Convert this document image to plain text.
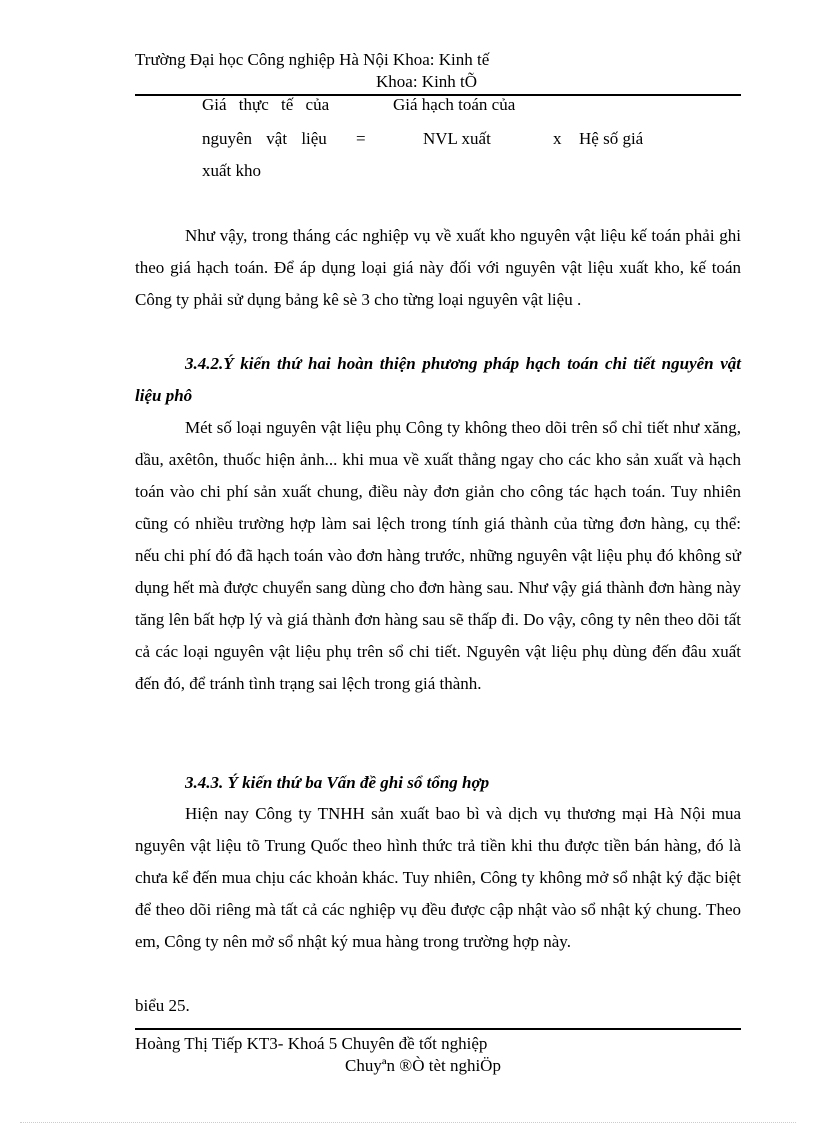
Trường Đại học Công nghiệp Hà Nội Khoa: Kinh tế
Khoa: Kinh tÕ
Giá thực tế của
nguyên vật liệu
xuất kho
=
Giá hạch toán của
NVL xuất	x Hệ số giá
Như vậy, trong tháng các nghiệp vụ về xuất kho nguyên vật liệu kế toán phải ghi theo giá hạch toán. Để áp dụng loại giá này đối với nguyên vật liệu xuất kho, kế toán Công ty phải sử dụng bảng kê sè 3 cho từng loại nguyên vật liệu .
3.4.2.Ý kiến thứ hai hoàn thiện phương pháp hạch toán chi tiết nguyên vật liệu phô
Mét số loại nguyên vật liệu phụ Công ty không theo dõi trên sổ chỉ tiết như xăng, dầu, axêtôn, thuốc hiện ảnh... khi mua về xuất thẳng ngay cho các kho sản xuất và hạch toán vào chi phí sản xuất chung, điều này đơn giản cho công tác hạch toán. Tuy nhiên cũng có nhiều trường hợp làm sai lệch trong tính giá thành của từng đơn hàng, cụ thể: nếu chi phí đó đã hạch toán vào đơn hàng trước, những nguyên vật liệu phụ đó không sử dụng hết mà được chuyển sang dùng cho đơn hàng sau. Như vậy giá thành đơn hàng này tăng lên bất hợp lý và giá thành đơn hàng sau sẽ thấp đi. Do vậy, công ty nên theo dõi tất cả các loại nguyên vật liệu phụ trên sổ chi tiết. Nguyên vật liệu phụ dùng đến đâu xuất đến đó, để tránh tình trạng sai lệch trong giá thành.
3.4.3. Ý kiến thứ ba Vấn đề ghi sổ tổng hợp
Hiện nay Công ty TNHH sản xuất bao bì và dịch vụ thương mại Hà Nội mua nguyên vật liệu tõ Trung Quốc theo hình thức trả tiền khi thu được tiền bán hàng, đó là chưa kể đến mua chịu các khoản khác. Tuy nhiên, Công ty không mở sổ nhật ký đặc biệt để theo dõi riêng mà tất cả các nghiệp vụ đều được cập nhật vào sổ nhật ký chung. Theo em, Công ty nên mở sổ nhật ký mua hàng trong trường hợp này.
biểu 25.
Hoàng Thị Tiếp KT3- Khoá 5 Chuyên đề tốt nghiệp
Chuyªn ®Ò tèt nghiÖp
